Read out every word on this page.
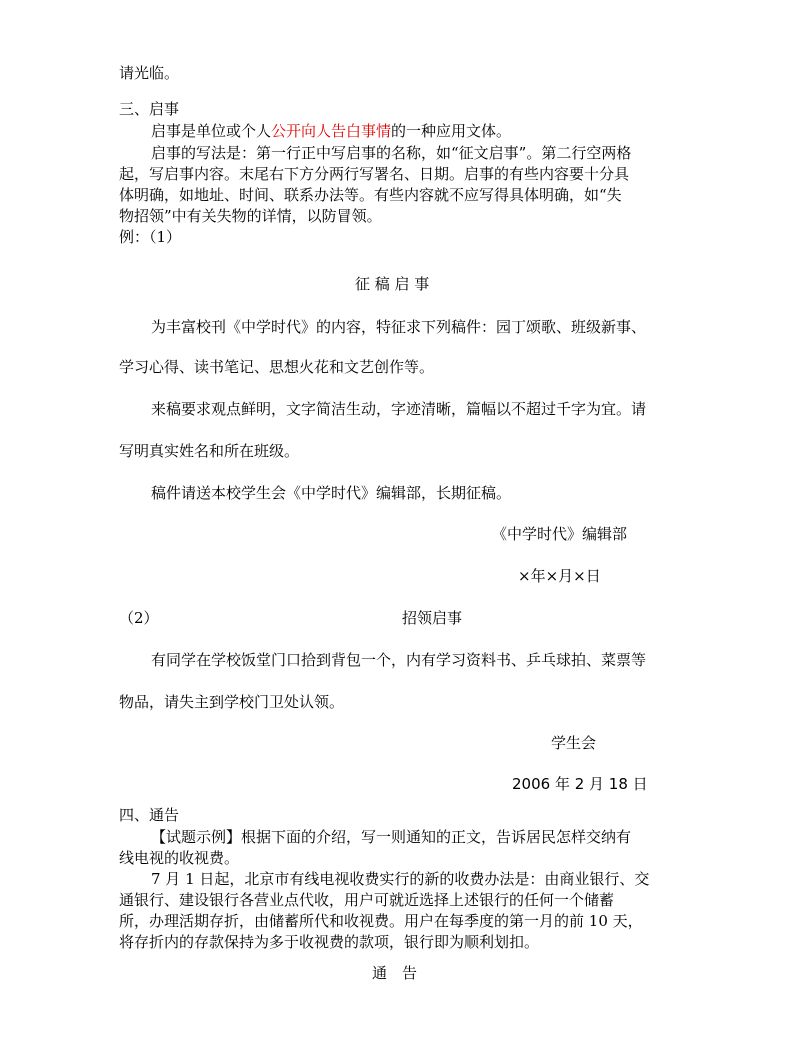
请光临。
三、启事
启事是单位或个人公开向人告白事情的一种应用文体。
启事的写法是：第一行正中写启事的名称，如“征文启事”。第二行空两格
起，写启事内容。末尾右下方分两行写署名、日期。启事的有些内容要十分具
体明确，如地址、时间、联系办法等。有些内容就不应写得具体明确，如“失
物招领”中有关失物的详情，以防冒领。
例：（1）
征 稿 启 事
为丰富校刊《中学时代》的内容，特征求下列稿件：园丁颂歌、班级新事、
学习心得、读书笔记、思想火花和文艺创作等。
来稿要求观点鲜明，文字简洁生动，字迹清晰，篇幅以不超过千字为宜。请
写明真实姓名和所在班级。
稿件请送本校学生会《中学时代》编辑部，长期征稿。
《中学时代》编辑部
×年×月×日
（2）	招领启事
有同学在学校饭堂门口拾到背包一个，内有学习资料书、乒乓球拍、菜票等
物品，请失主到学校门卫处认领。
学生会
2006 年 2 月 18 日
四、通告
【试题示例】根据下面的介绍，写一则通知的正文，告诉居民怎样交纳有
线电视的收视费。
7 月 1 日起，北京市有线电视收费实行的新的收费办法是：由商业银行、交
通银行、建设银行各营业点代收，用户可就近选择上述银行的任何一个储蓄
所，办理活期存折，由储蓄所代和收视费。用户在每季度的第一月的前 10 天，
将存折内的存款保持为多于收视费的款项，银行即为顺利划扣。
通　告
